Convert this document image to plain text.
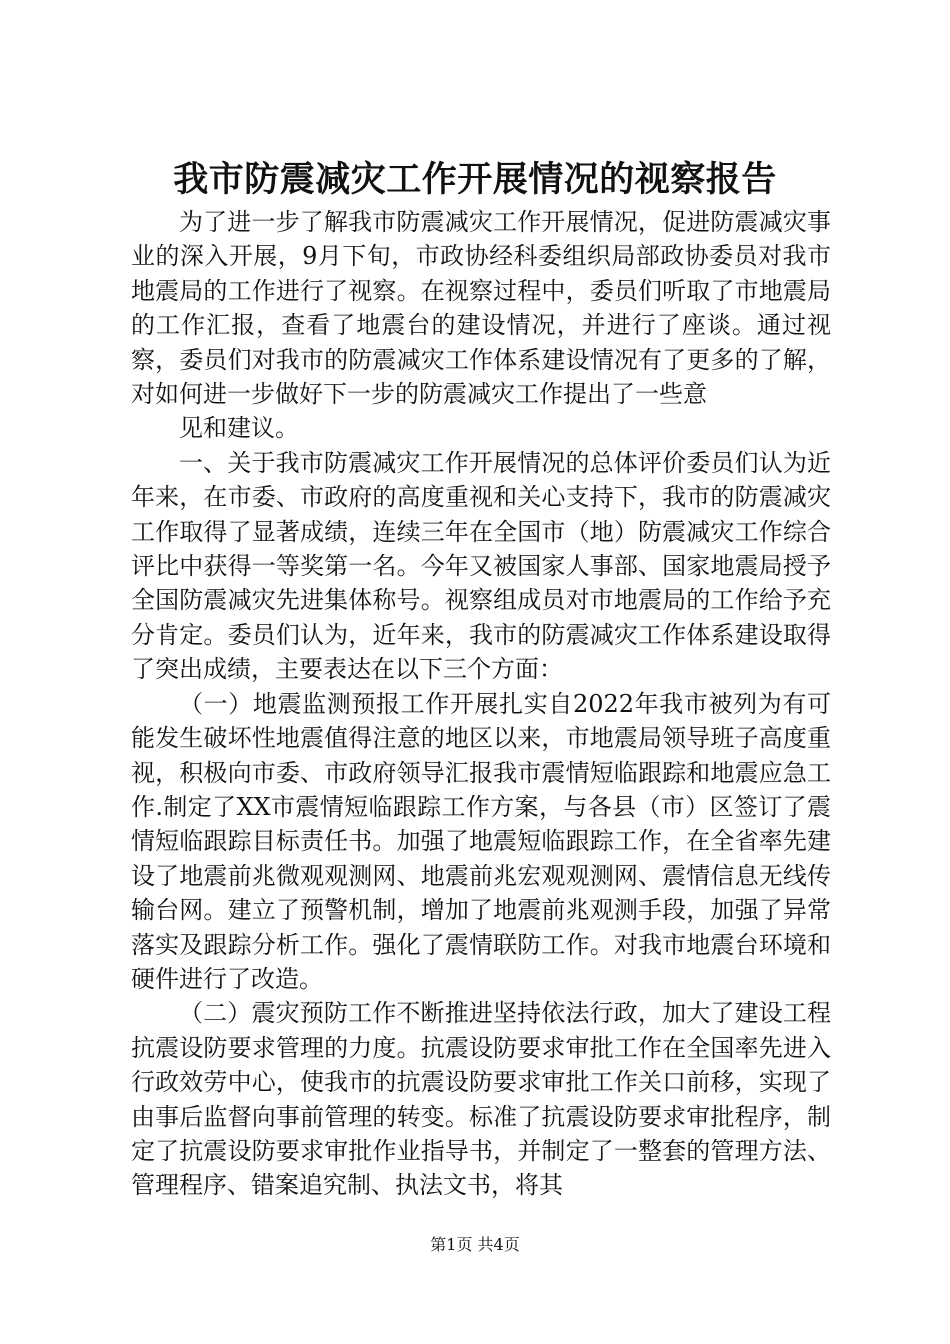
我市防震减灾工作开展情况的视察报告

为了进一步了解我市防震减灾工作开展情况，促进防震减灾事业的深入开展，9月下旬，市政协经科委组织局部政协委员对我市地震局的工作进行了视察。在视察过程中，委员们听取了市地震局的工作汇报，查看了地震台的建设情况，并进行了座谈。通过视察，委员们对我市的防震减灾工作体系建设情况有了更多的了解，对如何进一步做好下一步的防震减灾工作提出了一些意

见和建议。

一、关于我市防震减灾工作开展情况的总体评价委员们认为近年来，在市委、市政府的高度重视和关心支持下，我市的防震减灾工作取得了显著成绩，连续三年在全国市（地）防震减灾工作综合评比中获得一等奖第一名。今年又被国家人事部、国家地震局授予全国防震减灾先进集体称号。视察组成员对市地震局的工作给予充分肯定。委员们认为，近年来，我市的防震减灾工作体系建设取得了突出成绩，主要表达在以下三个方面：

（一）地震监测预报工作开展扎实自2022年我市被列为有可能发生破坏性地震值得注意的地区以来，市地震局领导班子高度重视，积极向市委、市政府领导汇报我市震情短临跟踪和地震应急工作.制定了XX市震情短临跟踪工作方案，与各县（市）区签订了震情短临跟踪目标责任书。加强了地震短临跟踪工作，在全省率先建设了地震前兆微观观测网、地震前兆宏观观测网、震情信息无线传输台网。建立了预警机制，增加了地震前兆观测手段，加强了异常落实及跟踪分析工作。强化了震情联防工作。对我市地震台环境和硬件进行了改造。

（二）震灾预防工作不断推进坚持依法行政，加大了建设工程抗震设防要求管理的力度。抗震设防要求审批工作在全国率先进入行政效劳中心，使我市的抗震设防要求审批工作关口前移，实现了由事后监督向事前管理的转变。标准了抗震设防要求审批程序，制定了抗震设防要求审批作业指导书，并制定了一整套的管理方法、管理程序、错案追究制、执法文书，将其

第1页 共4页
